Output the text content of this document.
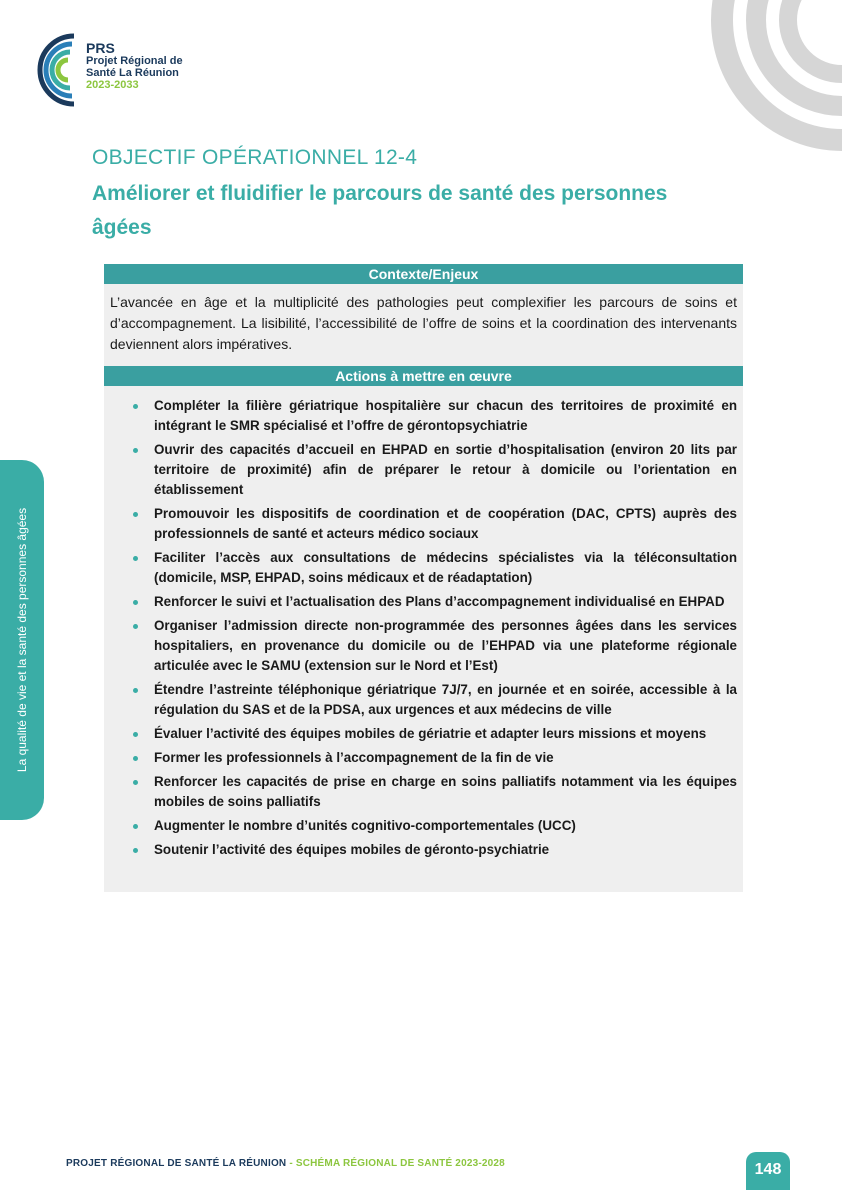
PRS
Projet Régional de
Santé La Réunion
2023-2033
La qualité de vie et la santé des personnes âgées
OBJECTIF OPÉRATIONNEL 12-4
Améliorer et fluidifier le parcours de santé des personnes âgées
Contexte/Enjeux
L’avancée en âge et la multiplicité des pathologies peut complexifier les parcours de soins et d’accompagnement. La lisibilité, l’accessibilité de l’offre de soins et la coordination des intervenants deviennent alors impératives.
Actions à mettre en œuvre
Compléter la filière gériatrique hospitalière sur chacun des territoires de proximité en intégrant le SMR spécialisé et l’offre de gérontopsychiatrie
Ouvrir des capacités d’accueil en EHPAD en sortie d’hospitalisation (environ 20 lits par territoire de proximité) afin de préparer le retour à domicile ou l’orientation en établissement
Promouvoir les dispositifs de coordination et de coopération (DAC, CPTS) auprès des professionnels de santé et acteurs médico sociaux
Faciliter l’accès aux consultations de médecins spécialistes via la téléconsultation (domicile, MSP, EHPAD, soins médicaux et de réadaptation)
Renforcer le suivi et l’actualisation des Plans d’accompagnement individualisé en EHPAD
Organiser l’admission directe non-programmée des personnes âgées dans les services hospitaliers, en provenance du domicile ou de l’EHPAD via une plateforme régionale articulée avec le SAMU (extension sur le Nord et l’Est)
Étendre l’astreinte téléphonique gériatrique 7J/7, en journée et en soirée, accessible à la régulation du SAS et de la PDSA, aux urgences et aux médecins de ville
Évaluer l’activité des équipes mobiles de gériatrie et adapter leurs missions et moyens
Former les professionnels à l’accompagnement de la fin de vie
Renforcer les capacités de prise en charge en soins palliatifs notamment via les équipes mobiles de soins palliatifs
Augmenter le nombre d’unités cognitivo-comportementales (UCC)
Soutenir l’activité des équipes mobiles de géronto-psychiatrie
PROJET RÉGIONAL DE SANTÉ LA RÉUNION - SCHÉMA RÉGIONAL DE SANTÉ 2023-2028	148
